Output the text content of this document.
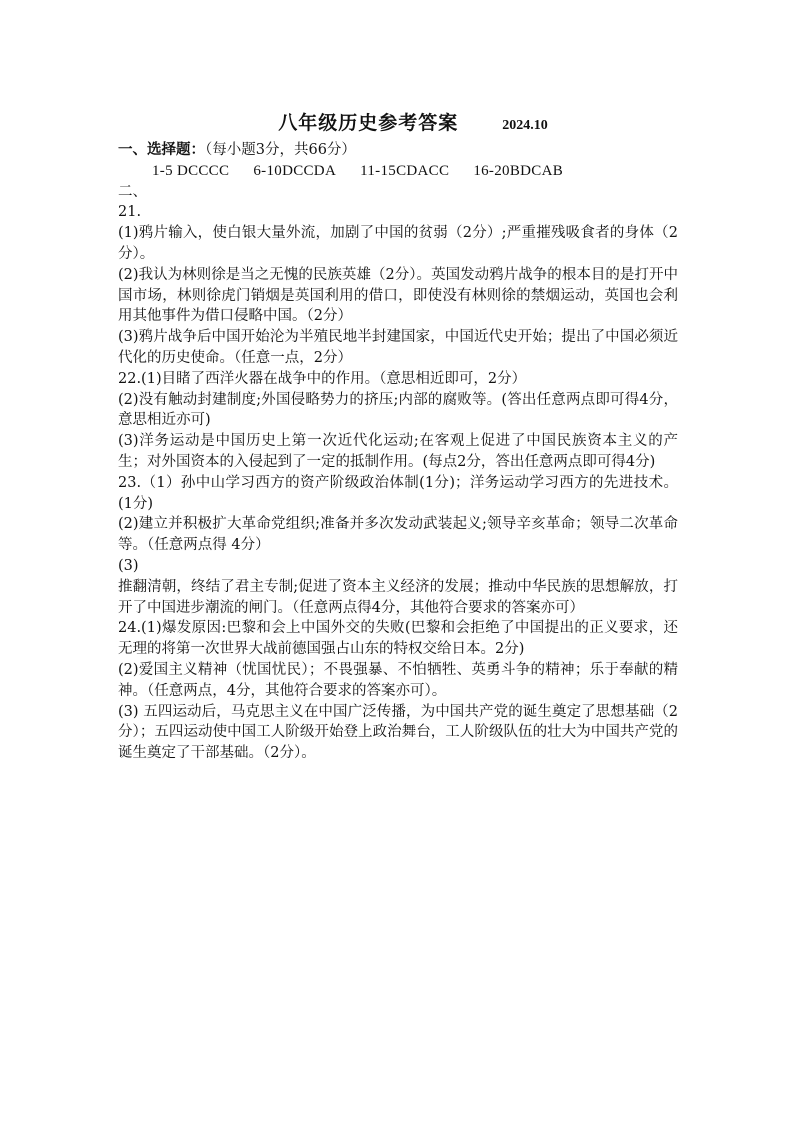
八年级历史参考答案	2024.10
一、选择题：（每小题3分，共66分）
1-5 DCCCC 6-10DCCDA 11-15CDACC 16-20BDCAB
二、
21.
(1)鸦片输入，使白银大量外流，加剧了中国的贫弱（2分）;严重摧残吸食者的身体（2分）。
(2)我认为林则徐是当之无愧的民族英雄（2分）。英国发动鸦片战争的根本目的是打开中国市场，林则徐虎门销烟是英国利用的借口，即使没有林则徐的禁烟运动，英国也会利用其他事件为借口侵略中国。（2分）
(3)鸦片战争后中国开始沦为半殖民地半封建国家，中国近代史开始；提出了中国必须近代化的历史使命。（任意一点，2分）
22.(1)目睹了西洋火器在战争中的作用。（意思相近即可，2分）
(2)没有触动封建制度;外国侵略势力的挤压;内部的腐败等。(答出任意两点即可得4分，意思相近亦可)
(3)洋务运动是中国历史上第一次近代化运动;在客观上促进了中国民族资本主义的产生；对外国资本的入侵起到了一定的抵制作用。(每点2分，答出任意两点即可得4分)
23.（1）孙中山学习西方的资产阶级政治体制(1分)；洋务运动学习西方的先进技术。(1分)
(2)建立并积极扩大革命党组织;准备并多次发动武装起义;领导辛亥革命；领导二次革命等。（任意两点得 4分）
(3)
推翻清朝，终结了君主专制;促进了资本主义经济的发展；推动中华民族的思想解放，打开了中国进步潮流的闸门。（任意两点得4分，其他符合要求的答案亦可）
24.(1)爆发原因:巴黎和会上中国外交的失败(巴黎和会拒绝了中国提出的正义要求，还无理的将第一次世界大战前德国强占山东的特权交给日本。2分)
(2)爱国主义精神（忧国忧民）；不畏强暴、不怕牺牲、英勇斗争的精神；乐于奉献的精神。（任意两点，4分，其他符合要求的答案亦可）。
(3) 五四运动后，马克思主义在中国广泛传播，为中国共产党的诞生奠定了思想基础（2分）；五四运动使中国工人阶级开始登上政治舞台，工人阶级队伍的壮大为中国共产党的诞生奠定了干部基础。（2分）。
